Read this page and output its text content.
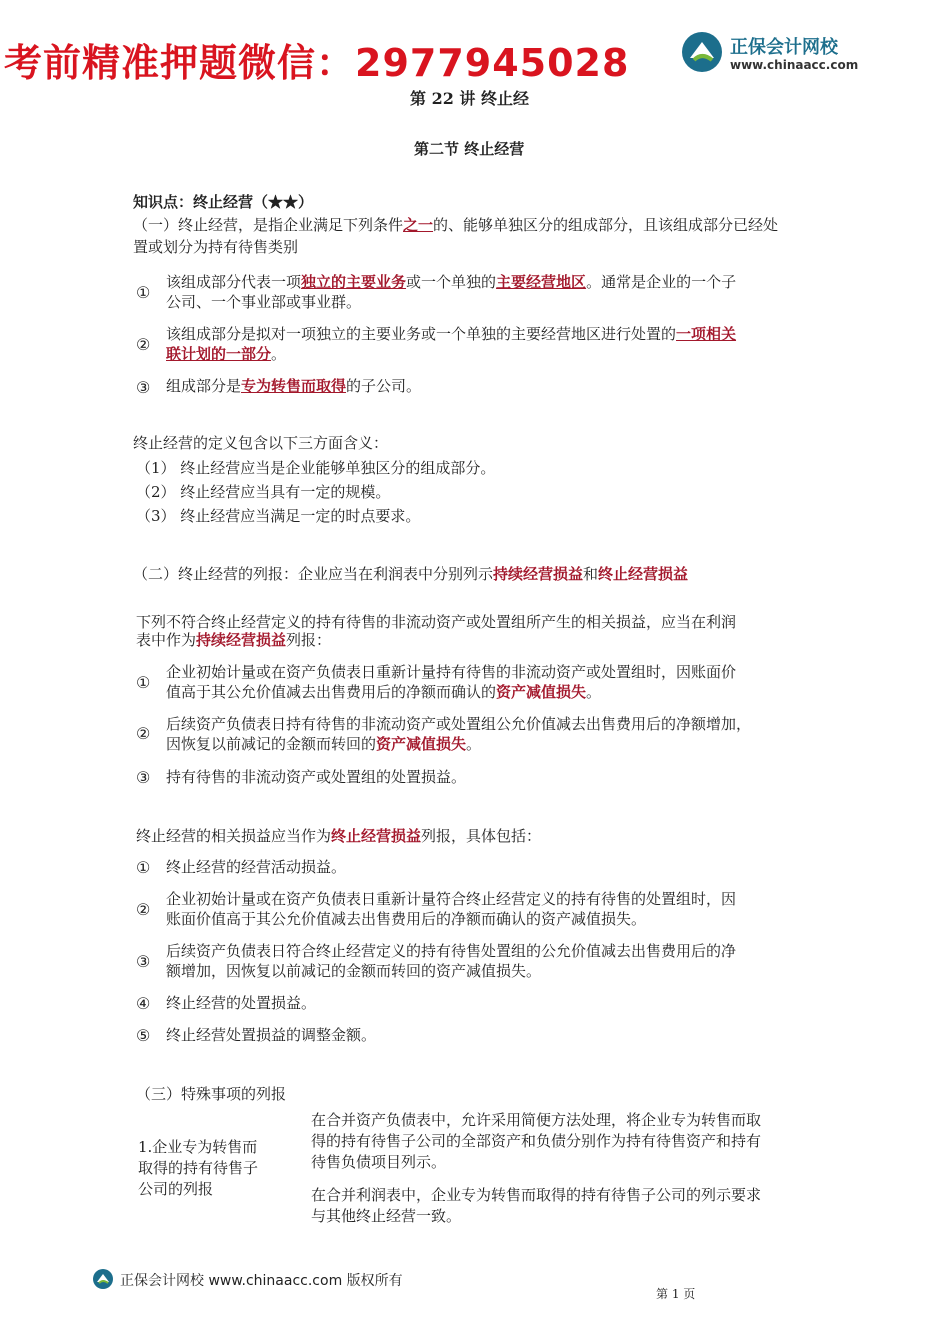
考前精准押题微信：2977945028	正保会计网校
www.chinaacc.com
第 22 讲 终止经
第二节 终止经营
知识点：终止经营（★★）
（一）终止经营，是指企业满足下列条件之一的、能够单独区分的组成部分，且该组成部分已经处
置或划分为持有待售类别
①
该组成部分代表一项独立的主要业务或一个单独的主要经营地区。通常是企业的一个子
公司、一个事业部或事业群。
②
该组成部分是拟对一项独立的主要业务或一个单独的主要经营地区进行处置的一项相关
联计划的一部分。
③	组成部分是专为转售而取得的子公司。
终止经营的定义包含以下三方面含义：
（1） 终止经营应当是企业能够单独区分的组成部分。
（2） 终止经营应当具有一定的规模。
（3） 终止经营应当满足一定的时点要求。
（二）终止经营的列报：企业应当在利润表中分别列示持续经营损益和终止经营损益
下列不符合终止经营定义的持有待售的非流动资产或处置组所产生的相关损益，应当在利润
表中作为持续经营损益列报：
①
企业初始计量或在资产负债表日重新计量持有待售的非流动资产或处置组时，因账面价
值高于其公允价值减去出售费用后的净额而确认的资产减值损失。
② 后续资产负债表日持有待售的非流动资产或处置组公允价值减去出售费用后的净额增加，
因恢复以前减记的金额而转回的资产减值损失。
③	持有待售的非流动资产或处置组的处置损益。
终止经营的相关损益应当作为终止经营损益列报，具体包括：
①	终止经营的经营活动损益。
②
企业初始计量或在资产负债表日重新计量符合终止经营定义的持有待售的处置组时，因
账面价值高于其公允价值减去出售费用后的净额而确认的资产减值损失。
③
后续资产负债表日符合终止经营定义的持有待售处置组的公允价值减去出售费用后的净
额增加，因恢复以前减记的金额而转回的资产减值损失。
④	终止经营的处置损益。
⑤	终止经营处置损益的调整金额。
（三）特殊事项的列报
1.企业专为转售而
取得的持有待售子
公司的列报
在合并资产负债表中，允许采用简便方法处理，将企业专为转售而取
得的持有待售子公司的全部资产和负债分别作为持有待售资产和持有
待售负债项目列示。
在合并利润表中，企业专为转售而取得的持有待售子公司的列示要求
与其他终止经营一致。
正保会计网校 www.chinaacc.com 版权所有
第 1 页
